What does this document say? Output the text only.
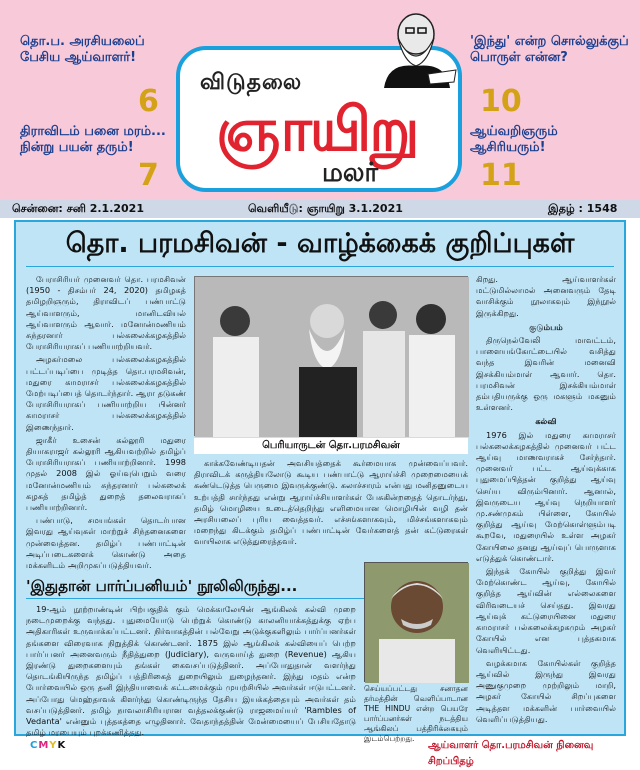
தொ.ப. அரசியலைப் பேசிய ஆய்வாளர்!
6
திராவிடம் பனை மரம்... நின்று பயன் தரும்!
7
'இந்து' என்ற சொல்லுக்குப் பொருள் என்ன?
10
ஆய்வறிஞரும் ஆசிரியரும்!
11
விடுதலை
ஞாயிறு
மலர்
சென்னை: சனி 2.1.2021	வெளியீடு: ஞாயிறு 3.1.2021	இதழ் : 1548
தொ. பரமசிவன் - வாழ்க்கைக் குறிப்புகள்

பேராசிரியர் முனைவர் தொ. பரமசிவன் (1950 - திசம்பர் 24, 2020) தமிழகத் தமிழறிஞரும், திராவிடப் பண்பாட்டு ஆய்வாளரும், மானிடவியல் ஆய்வாளரும் ஆவார். மனோன்மணியம் சுந்தரனார் பல்கலைக்கழகத்தில் பேராசிரியராகப் பணியாற்றியவர்.

அழகர்மலை பல்கலைக்கழகத்தில் பட்டப்படிப்பை முடித்த தொ.பரமசிவன், மதுரை காமராசர் பல்கலைக்கழகத்தில் மேற்படிப்பைத் தொடர்ந்தார். ஆரா தடுகண் பேராசிரியராகப் பணியாற்றிய பின்னர் காமராசர் பல்கலைக்கழகத்தில் இணைந்தார்.

ஜாகீர் உசைன் கல்லூரி மதுரை தியாகராஜர் கல்லூரி ஆகியவற்றில் தமிழ்ப் பேராசிரியராகப் பணியாற்றினார். 1998 முதல் 2008 இல் ஓய்வுபெறும் வரை மனோன்மணியம் சுந்தரனார் பல்கலைக் கழகத் தமிழ்த் துறைத் தலைவராகப் பணியாற்றினார்.

பண்பாடு, சமயங்கள் தொடர்பான இவரது ஆய்வுகள் மாற்றுச் சிந்தனைகளை முன்வைத்தன. தமிழ்ப் பண்பாட்டின் அடிப்படைகளைக் கொண்டு அதை மக்களிடம் அறிமுகப்படுத்தியவர்.

பெரியாருடன் தொ.பரமசிவன்

காக்கவேண்டியதன் அவசியத்தைக் கூர்மையாக முன்வைப்பவர். திராவிடக் கருத்தியலோடு கூடிய பண்பாட்டு ஆராய்ச்சி முறைமையைக் கண்டெடுத்த பெருமை இவருக்குண்டு. கலாச்சாரம் என்பது மனிதனுடைய உற்பத்தி சார்ந்தது என்று ஆராய்ச்சியாளர்கள் பேசுகின்றதைத் தொடர்ந்து, தமிழ் மொழியை உடைத்தெறிந்து எளிமையான மொழியின் வழி தன் அரசியலைப் புரிய வைத்தவர். எச்சங்களாகவும், மிச்சங்களாகவும் மறைந்து கிடக்கும் தமிழ்ப் பண்பாட்டின் வேர்களைத் தன் கட்டுரைகள் வாயிலாக எடுத்துரைத்தவர்.

கிறது. ஆய்வாளர்கள் மட்டுமில்லாமல் அனைவரும் தேடி வாசிக்கும் நூலாகவும் இந்நூல் இருக்கிறது.

குடும்பம்

திருநெல்வேலி மாவட்டம், பாளையங்கோட்டையில் வசித்து வந்த இவரின் மனைவி இசக்கியம்மாள் ஆவார். தொ. பரமசிவன் இசக்கியம்மாள் தம்பதியருக்கு ஒரு மகளும் மகனும் உள்ளனர்.

கல்வி

1976 இல் மதுரை காமராசர் பல்கலைக்கழகத்தில் முனைவர் பட்ட ஆய்வு மாணவராகச் சேர்ந்தார். முனைவர் பட்ட ஆய்வுக்காக புதுமைப்பித்தன் குறித்து ஆய்வு செய்ய விரும்பினார். ஆனால், இவருடைய ஆய்வு நெறியாளர் மு.சண்முகம் பிள்ளை, கோயில் குறித்து ஆய்வு மேற்கொள்ளும்படி கூறவே, மதுரையில் உள்ள அழகர் கோயிலை தனது ஆய்வுப் பொருளாக எடுத்துக் கொண்டார்.

இந்தக் கோயில் குறித்து இவர் மேற்கொண்ட ஆய்வு, கோயில் குறித்த ஆய்வின் எல்லைகளை விரிவடையச் செய்தது. இவரது ஆய்வுக் கட்டுரையினை மதுரை காமராசர் பல்கலைக்கழகமும் அழகர் கோயில் என புத்தகமாக வெளியிட்டது.

வழக்கமாக கோயில்கள் குறித்த ஆய்வில் இருந்து இவரது அணுகுமுறை முற்றிலும் மாறி, அழகர் கோயில் சிறப்புகளை அடித்தள மக்களின் பார்வையில் வெளிப்படுத்தியது.

'இதுதான் பார்ப்பனியம்' நூலிலிருந்து...

19-ஆம் நூற்றாண்டின் பிற்பகுதிக் கும் மெக்காலேயின் ஆங்கிலக் கல்வி முறை நடைமுறைக்கு வந்தது. புதுமையோடு பெற்றுக் கொண்டு காலனியாக்கத்துக்கு ஏற்ப அதிகாரிகள் உருவாக்கப்பட்டனர். நிர்வாகத்தின் பல்வேறு அடுக்குகளிலும் பார்ப்பனர்கள் தங்களை விரைவாக நிறுத்திக் கொண்டனர். 1875 இல் ஆங்கிலக் கல்வியைப் பெற்ற பார்ப்பனர் அனைவரும் நீதித்துறை (Judiciary), வருவாய்த் துறை (Revenue) ஆகிய இரண்டு துறைகளையும் தங்கள் கைவசப்படுத்தினர். அப்போதுதான் வளர்ந்து தொடங்கியிருந்த தமிழ்ப் பத்திரிகைத் துறையிலும் நுழைந்தனர். இந்து மதம் என்ற போர்வையில் ஒரு தனி இந்தியாவைக் கட்டமைக்கும் முயற்சியில் அவர்கள் ஈடுபட்டனர். அப்போது மெஹ்தாவக் கிளர்ந்து கொண்டிருந்த தேசிய இயக்கத்தையும் அவர்கள் தம் வசப்படுத்தினர். தமிழ் நாவலாசிரியரான வத்தலக்குண்டு ராஜமைய்யர் 'Rambles of Vedanta' என்னும் புத்தகத்தை எழுதினார். வேதாந்தத்தின் மேன்மையைப் பேசியதோடு தமிழ் மரபையும் புறக்கணித்தது.

செய்யப்பட்டது சனாதன தர்மத்தின் வெளிப்பாடான THE HINDU என்ற பெயரே பார்ப்பனர்கள் நடத்திய ஆங்கிலப் பத்திரிக்கையும் இடம்பெற்றது.
CMYK	ஆய்வாளர் தொ.பரமசிவன் நினைவு சிறப்பிதழ்
